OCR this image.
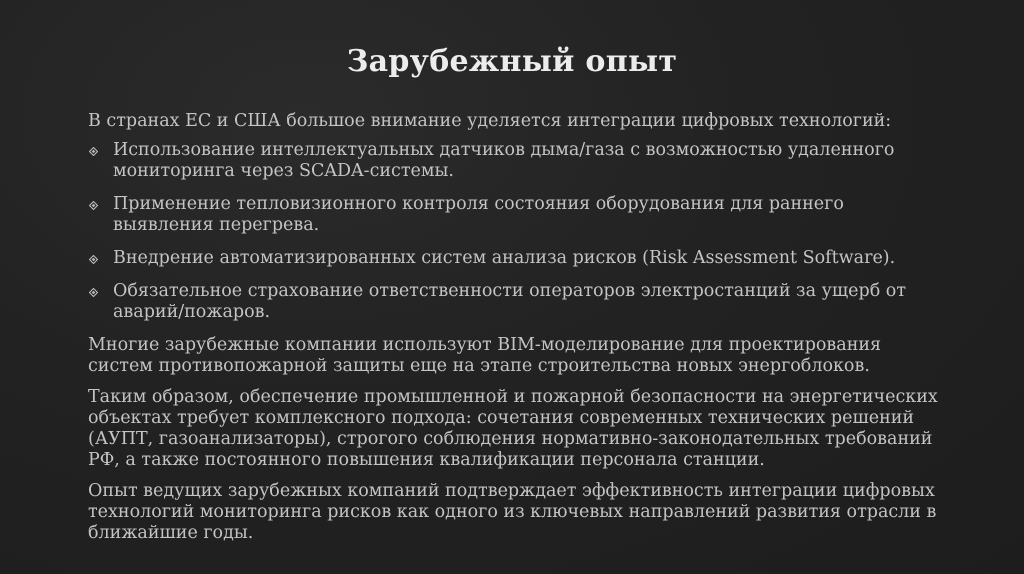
Зарубежный опыт

В странах ЕС и США большое внимание уделяется интеграции цифровых технологий:

Использование интеллектуальных датчиков дыма/газа с возможностью удаленного мониторинга через SCADA-системы.
Применение тепловизионного контроля состояния оборудования для раннего выявления перегрева.
Внедрение автоматизированных систем анализа рисков (Risk Assessment Software).
Обязательное страхование ответственности операторов электростанций за ущерб от аварий/пожаров.

Многие зарубежные компании используют BIM-моделирование для проектирования систем противопожарной защиты еще на этапе строительства новых энергоблоков.

Таким образом, обеспечение промышленной и пожарной безопасности на энергетических объектах требует комплексного подхода: сочетания современных технических решений (АУПТ, газоанализаторы), строгого соблюдения нормативно-законодательных требований РФ, а также постоянного повышения квалификации персонала станции.

Опыт ведущих зарубежных компаний подтверждает эффективность интеграции цифровых технологий мониторинга рисков как одного из ключевых направлений развития отрасли в ближайшие годы.
